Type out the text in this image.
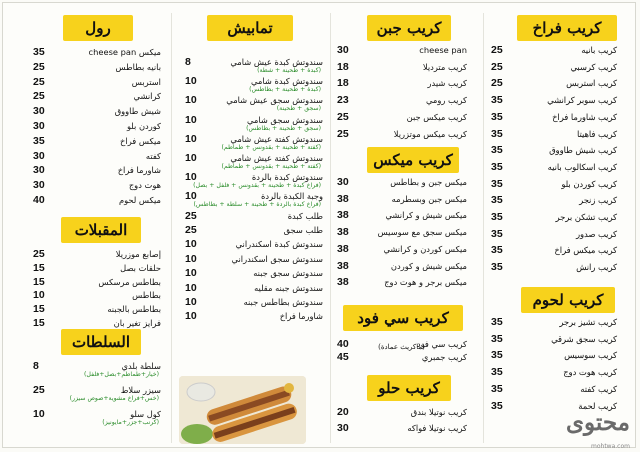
كريب فراخ
25	كريب بانيه
25	كريب كرسبي
25	كريب استربس
35	كريب سوبر كرانشي
35	كريب شاورما فراخ
35	كريب فاهيتا
35	كريب شيش طاووق
35	كريب اسكالوب بانيه
35	كريب كوردن بلو
35	كريب زنجر
35	كريب تشكن برجر
35	كريب صدور
35	كريب ميكس فراخ
35	كريب رانش
كريب لحوم
35	كريب تشيز برجر
35	كريب سجق شرقي
35	كريب سوسيس
35	كريب هوت دوج
35	كريب كفته
35	كريب لحمة
كريب جبن
30	cheese pan
18	كريب مترديلا
18	كريب شيدر
23	كريب رومي
25	كريب ميكس جبن
25	كريب ميكس موتزريلا
كريب ميكس
30	ميكس جبن و بطاطس
38	ميكس جبن وبسطرمه
38	ميكس شيش و كرانشي
38	ميكس سجق مع سوسيس
38	ميكس كوردن و كرانشي
38	ميكس شيش و كوردن
38	ميكس برجر و هوت دوج
كريب سي فود (ماكريث عمادة)
40	كريب سي فود
45	كريب جمبري
كريب حلو
20	كريب نوتيلا بندق
30	كريب نوتيلا فواكه
تمابيش
8	سندوتش كبدة عيش شامي
(كبدة + طحينة + شطة)
10	سندوتش كبدة شامي
(كبدة + طحينة + بطاطس)
10	سندوتش سجق عيش شامي
(سجق + طحينة)
10	سندوتش سجق شامي
(سجق + طحينة + بطاطس)
10	سندوتش كفتة عيش شامي
(كفتة + طحينة + بقدونس + طماطم)
10	سندوتش كفتة عيش شامي
(كفتة + طحينة + بقدونس + طماطم)
10	سندوتش كبدة بالردة
(فراخ كبدة + طحينة + بقدونس + فلفل + بصل)
10	وجبة الكبدة بالردة
(فراخ كبدة بالردة + طحينة + سلطة + بطاطس)
25	طلب كبدة
25	طلب سجق
10	سندوتش كبدة اسكندراني
10	سندوتش سجق اسكندراني
10	سندوتش سجق جبنه
10	سندوتش جبنه مقليه
10	سندوتش بطاطس جبنه
10	شاورما فراخ
رول
35	ميكس cheese pan
25	بانيه بطاطس
25	استربس
25	كرانشي
30	شيش طاووق
30	كوردن بلو
35	ميكس فراخ
30	كفته
30	شاورما فراخ
30	هوت دوج
40	ميكس لحوم
المقبلات
25	إصابع موزريلا
15	حلقات بصل
15	بطاطس مرسكس
10	بطاطس
15	بطاطس بالجبنه
15	فرايز تغير بان
السلطات
8	سلطة بلدي
(خيار+طماطم+بصل+فلفل)
25	سيزر سلاط
(خس+فراخ مشوية+صوص سيزر)
10	كول سلو
(كرنب+جزر+مايونيز)	محتوى
mohtwa.com
